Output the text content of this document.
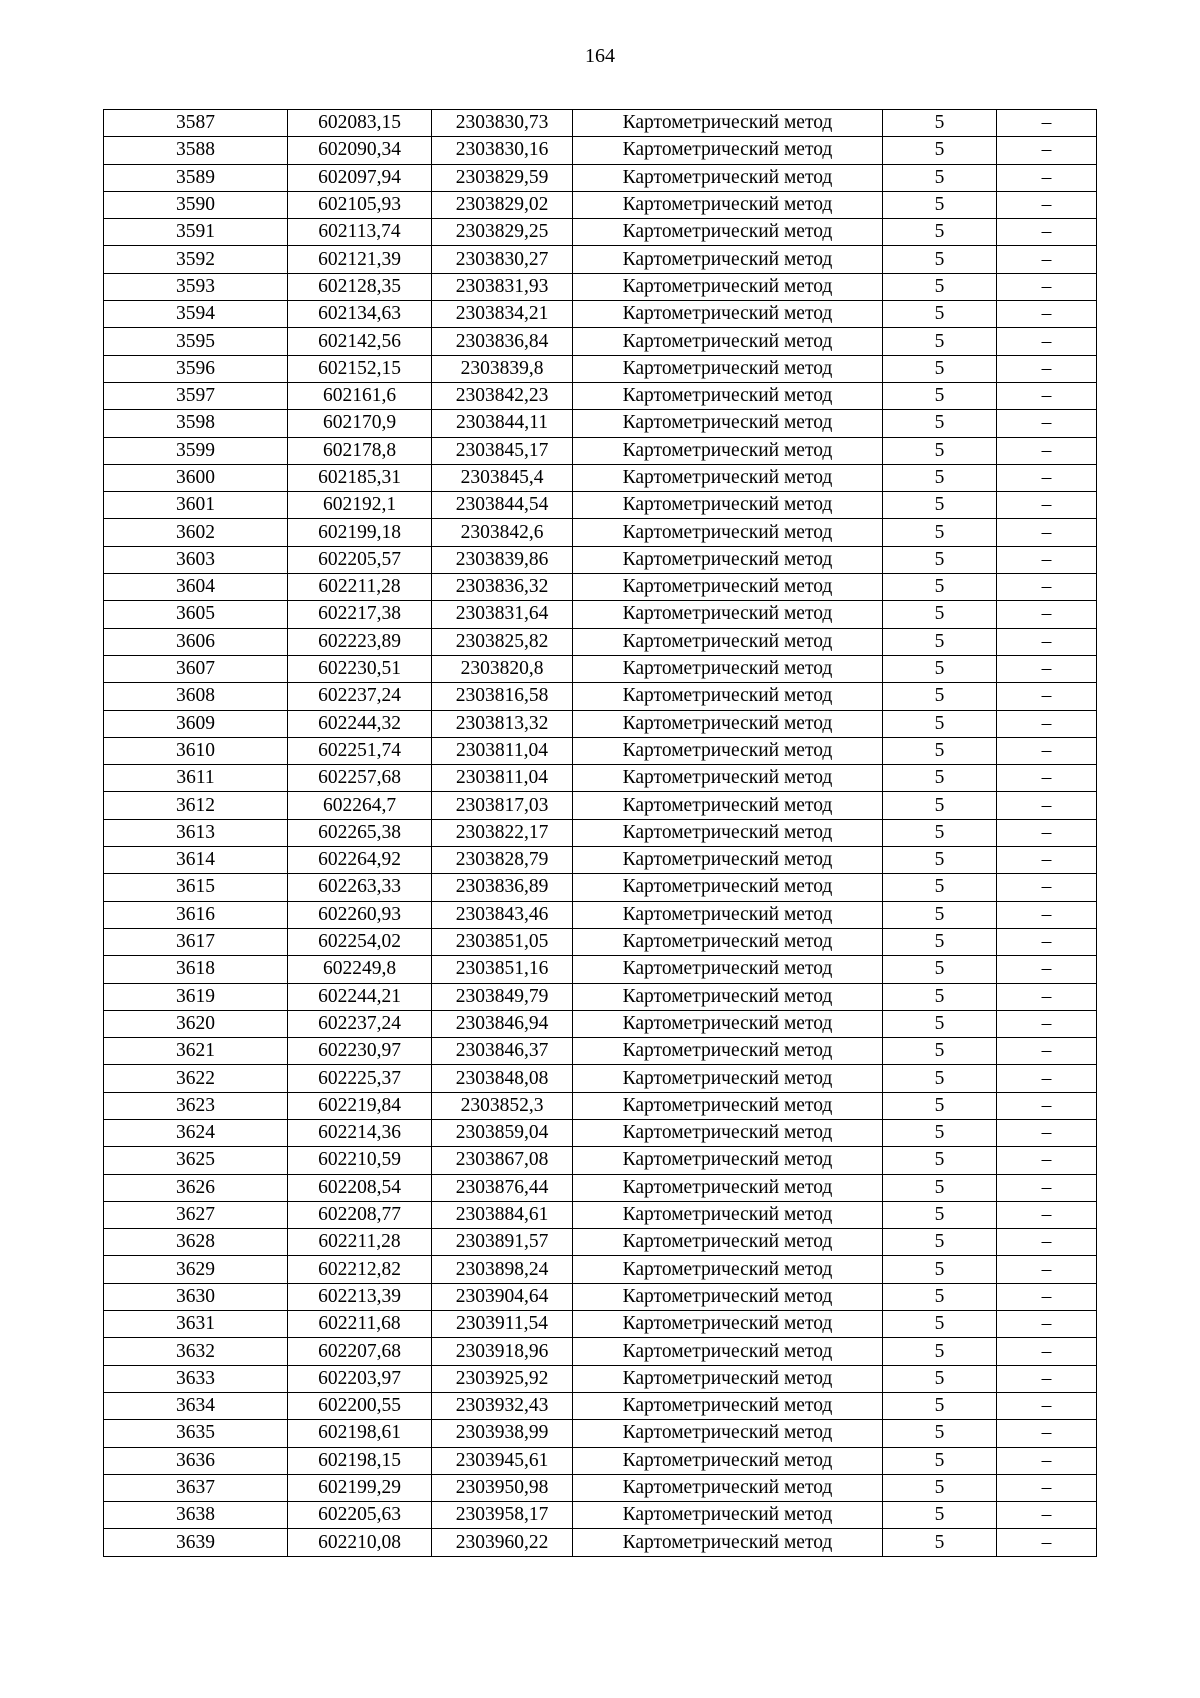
164
3587	602083,15	2303830,73	Картометрический метод	5	–
3588	602090,34	2303830,16	Картометрический метод	5	–
3589	602097,94	2303829,59	Картометрический метод	5	–
3590	602105,93	2303829,02	Картометрический метод	5	–
3591	602113,74	2303829,25	Картометрический метод	5	–
3592	602121,39	2303830,27	Картометрический метод	5	–
3593	602128,35	2303831,93	Картометрический метод	5	–
3594	602134,63	2303834,21	Картометрический метод	5	–
3595	602142,56	2303836,84	Картометрический метод	5	–
3596	602152,15	2303839,8	Картометрический метод	5	–
3597	602161,6	2303842,23	Картометрический метод	5	–
3598	602170,9	2303844,11	Картометрический метод	5	–
3599	602178,8	2303845,17	Картометрический метод	5	–
3600	602185,31	2303845,4	Картометрический метод	5	–
3601	602192,1	2303844,54	Картометрический метод	5	–
3602	602199,18	2303842,6	Картометрический метод	5	–
3603	602205,57	2303839,86	Картометрический метод	5	–
3604	602211,28	2303836,32	Картометрический метод	5	–
3605	602217,38	2303831,64	Картометрический метод	5	–
3606	602223,89	2303825,82	Картометрический метод	5	–
3607	602230,51	2303820,8	Картометрический метод	5	–
3608	602237,24	2303816,58	Картометрический метод	5	–
3609	602244,32	2303813,32	Картометрический метод	5	–
3610	602251,74	2303811,04	Картометрический метод	5	–
3611	602257,68	2303811,04	Картометрический метод	5	–
3612	602264,7	2303817,03	Картометрический метод	5	–
3613	602265,38	2303822,17	Картометрический метод	5	–
3614	602264,92	2303828,79	Картометрический метод	5	–
3615	602263,33	2303836,89	Картометрический метод	5	–
3616	602260,93	2303843,46	Картометрический метод	5	–
3617	602254,02	2303851,05	Картометрический метод	5	–
3618	602249,8	2303851,16	Картометрический метод	5	–
3619	602244,21	2303849,79	Картометрический метод	5	–
3620	602237,24	2303846,94	Картометрический метод	5	–
3621	602230,97	2303846,37	Картометрический метод	5	–
3622	602225,37	2303848,08	Картометрический метод	5	–
3623	602219,84	2303852,3	Картометрический метод	5	–
3624	602214,36	2303859,04	Картометрический метод	5	–
3625	602210,59	2303867,08	Картометрический метод	5	–
3626	602208,54	2303876,44	Картометрический метод	5	–
3627	602208,77	2303884,61	Картометрический метод	5	–
3628	602211,28	2303891,57	Картометрический метод	5	–
3629	602212,82	2303898,24	Картометрический метод	5	–
3630	602213,39	2303904,64	Картометрический метод	5	–
3631	602211,68	2303911,54	Картометрический метод	5	–
3632	602207,68	2303918,96	Картометрический метод	5	–
3633	602203,97	2303925,92	Картометрический метод	5	–
3634	602200,55	2303932,43	Картометрический метод	5	–
3635	602198,61	2303938,99	Картометрический метод	5	–
3636	602198,15	2303945,61	Картометрический метод	5	–
3637	602199,29	2303950,98	Картометрический метод	5	–
3638	602205,63	2303958,17	Картометрический метод	5	–
3639	602210,08	2303960,22	Картометрический метод	5	–
